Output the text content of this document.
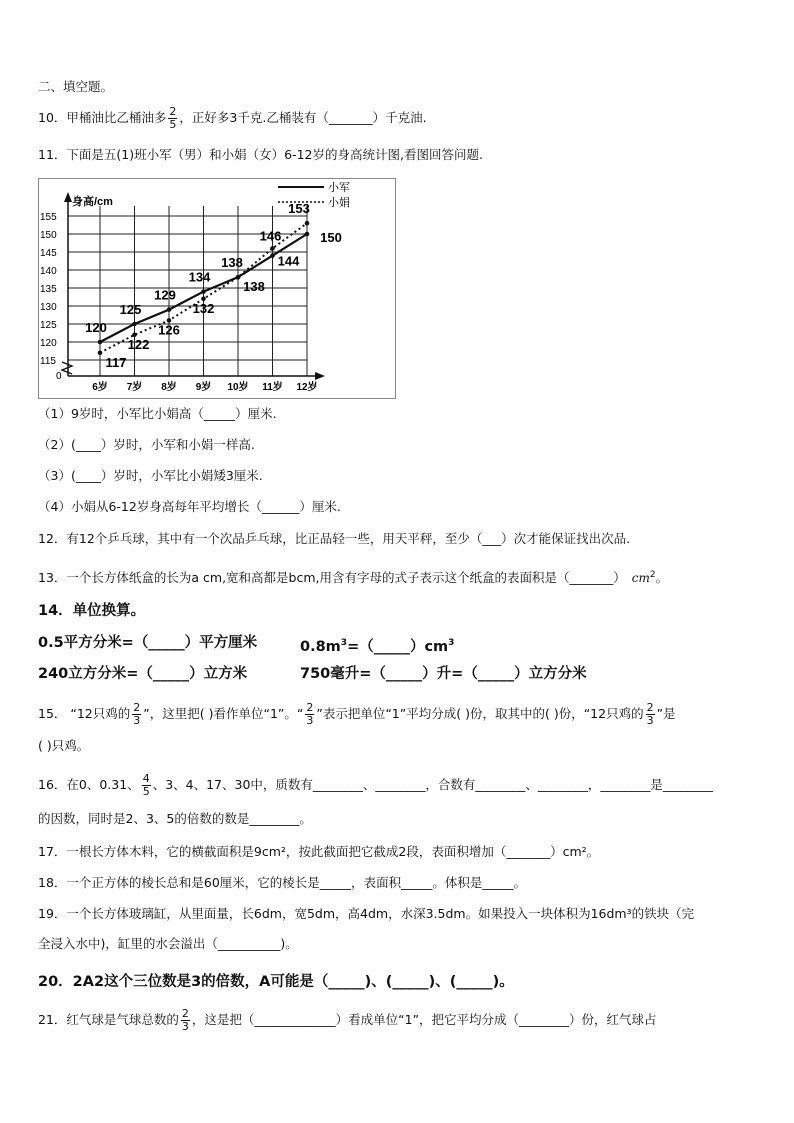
二、填空题。
10．甲桶油比乙桶油多 $\frac{2}{5}$ ，正好多3千克.乙桶装有（_______）千克油.
11．下面是五(1)班小军（男）和小娟（女）6-12岁的身高统计图,看图回答问题.
身高/cm
0
115
120
125
130
135
140
145
150
155
6岁 7岁 8岁 9岁 10岁 11岁 12岁
120
125
129
134
138	144
150
117
122
126
132
138
146
153
小军
小娟
（1）9岁时，小军比小娟高（_____）厘米.
（2）(____）岁时，小军和小娟一样高.
（3）(____）岁时，小军比小娟矮3厘米.
（4）小娟从6-12岁身高每年平均增长（______）厘米.
12．有12个乒乓球，其中有一个次品乒乓球，比正品轻一些，用天平秤，至少（___）次才能保证找出次品.
13．一个长方体纸盒的长为a cm,宽和高都是bcm,用含有字母的式子表示这个纸盒的表面积是（_______） $cm^2$。
14．单位换算。
0.5平方分米=（_____）平方厘米	$0.8m^3=(\_\_\_\_\_)cm^3$
240立方分米=（_____）立方米	750毫升=（_____）升=（_____）立方分米
15． “12只鸡的 $\frac{2}{3}$ ”，这里把( )看作单位“1”。“ $\frac{2}{3}$ ”表示把单位“1”平均分成( )份，取其中的( )份，“12只鸡的 $\frac{2}{3}$ ”是
( )只鸡。
16．在0、0.31、 $\frac{4}{5}$ 、3、4、17、30中，质数有________、________，合数有________、________，________是________
的因数，同时是2、3、5的倍数的数是________。
17．一根长方体木料，它的横截面积是9cm²，按此截面把它截成2段，表面积增加（_______）cm²。
18．一个正方体的棱长总和是60厘米，它的棱长是_____，表面积_____。体积是_____。
19．一个长方体玻璃缸，从里面量，长6dm，宽5dm，高4dm，水深3.5dm。如果投入一块体积为16dm³的铁块（完
全浸入水中)，缸里的水会溢出（__________)。
20．2A2这个三位数是3的倍数，A可能是（_____)、(_____)、(_____)。
21．红气球是气球总数的 $\frac{2}{3}$ ，这是把（_____________）看成单位“1”，把它平均分成（________）份，红气球占
